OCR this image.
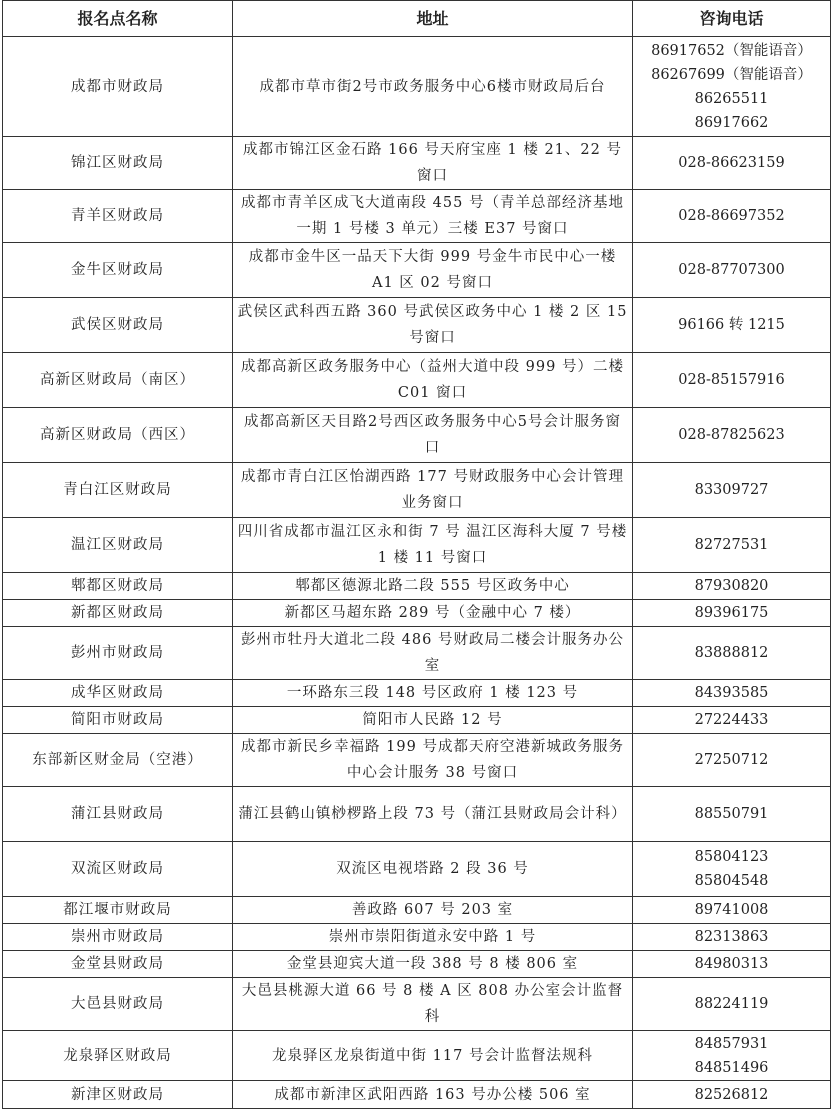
报名点名称	地址	咨询电话
成都市财政局	成都市草市街2号市政务服务中心6楼市财政局后台	86917652（智能语音）
86267699（智能语音）
86265511
86917662

锦江区财政局	成都市锦江区金石路 166 号天府宝座 1 楼 21、22 号窗口	028-86623159

青羊区财政局	成都市青羊区成飞大道南段 455 号（青羊总部经济基地一期 1 号楼 3 单元）三楼 E37 号窗口	028-86697352

金牛区财政局	成都市金牛区一品天下大街 999 号金牛市民中心一楼 A1 区 02 号窗口	028-87707300

武侯区财政局	武侯区武科西五路 360 号武侯区政务中心 1 楼 2 区 15 号窗口	96166 转 1215

高新区财政局（南区）	成都高新区政务服务中心（益州大道中段 999 号）二楼 C01 窗口	028-85157916

高新区财政局（西区）	成都高新区天目路2号西区政务服务中心5号会计服务窗口	028-87825623

青白江区财政局	成都市青白江区怡湖西路 177 号财政服务中心会计管理业务窗口	83309727

温江区财政局	四川省成都市温江区永和街 7 号 温江区海科大厦 7 号楼 1 楼 11 号窗口	82727531

郫都区财政局	郫都区德源北路二段 555 号区政务中心	87930820

新都区财政局	新都区马超东路 289 号（金融中心 7 楼）	89396175

彭州市财政局	彭州市牡丹大道北二段 486 号财政局二楼会计服务办公室	83888812

成华区财政局	一环路东三段 148 号区政府 1 楼 123 号	84393585

简阳市财政局	简阳市人民路 12 号	27224433

东部新区财金局（空港）	成都市新民乡幸福路 199 号成都天府空港新城政务服务中心会计服务 38 号窗口	27250712

蒲江县财政局	蒲江县鹤山镇桫椤路上段 73 号（蒲江县财政局会计科）	88550791

双流区财政局	双流区电视塔路 2 段 36 号	85804123
85804548

都江堰市财政局	善政路 607 号 203 室	89741008

崇州市财政局	崇州市崇阳街道永安中路 1 号	82313863

金堂县财政局	金堂县迎宾大道一段 388 号 8 楼 806 室	84980313

大邑县财政局	大邑县桃源大道 66 号 8 楼 A 区 808 办公室会计监督科	88224119

龙泉驿区财政局	龙泉驿区龙泉街道中街 117 号会计监督法规科	84857931
84851496

新津区财政局	成都市新津区武阳西路 163 号办公楼 506 室	82526812
